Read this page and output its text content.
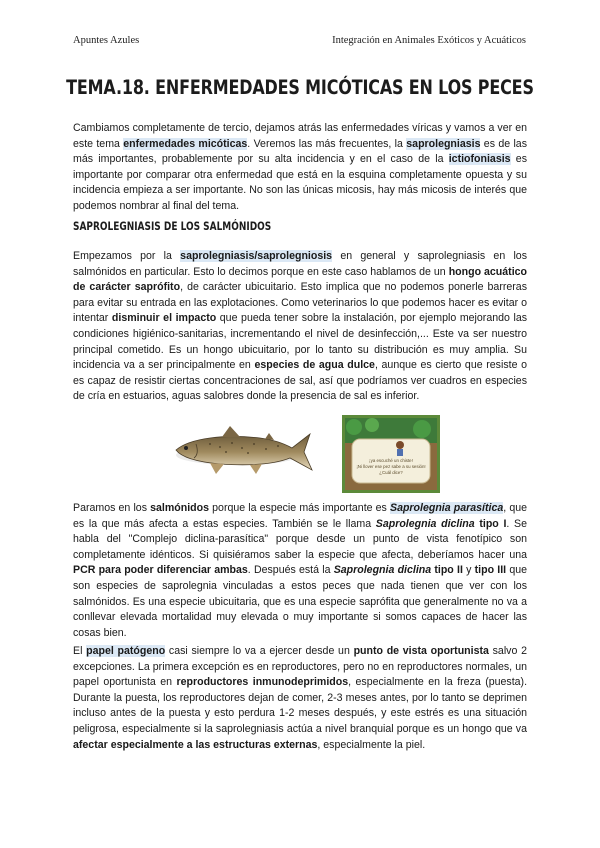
Apuntes Azules	Integración en Animales Exóticos y Acuáticos
TEMA.18. ENFERMEDADES MICÓTICAS EN LOS PECES

Cambiamos completamente de tercio, dejamos atrás las enfermedades víricas y vamos a ver en este tema enfermedades micóticas. Veremos las más frecuentes, la saprolegniasis es de las más importantes, probablemente por su alta incidencia y en el caso de la ictiofoniasis es importante por comparar otra enfermedad que está en la esquina completamente opuesta y su incidencia empieza a ser importante. No son las únicas micosis, hay más micosis de interés que podemos nombrar al final del tema.

SAPROLEGNIASIS DE LOS SALMÓNIDOS

Empezamos por la saprolegniasis/saprolegniosis en general y saprolegniasis en los salmónidos en particular. Esto lo decimos porque en este caso hablamos de un hongo acuático de carácter saprófito, de carácter ubicuitario. Esto implica que no podemos ponerle barreras para evitar su entrada en las explotaciones. Como veterinarios lo que podemos hacer es evitar o intentar disminuir el impacto que pueda tener sobre la instalación, por ejemplo mejorando las condiciones higiénico-sanitarias, incrementando el nivel de desinfección,... Este va ser nuestro principal cometido. Es un hongo ubicuitario, por lo tanto su distribución es muy amplia. Su incidencia va a ser principalmente en especies de agua dulce, aunque es cierto que resiste o es capaz de resistir ciertas concentraciones de sal, así que podríamos ver cuadros en especies de cría en estuarios, aguas salobres donde la presencia de sal es inferior.

¡ya escuché un chiste!
¡Ni llover ese pez sabe a su sesión!
¿Cuál dice?

Paramos en los salmónidos porque la especie más importante es Saprolegnia parasítica, que es la que más afecta a estas especies. También se le llama Saprolegnia diclina tipo I. Se habla del "Complejo diclina-parasítica" porque desde un punto de vista fenotípico son completamente idénticos. Si quisiéramos saber la especie que afecta, deberíamos hacer una PCR para poder diferenciar ambas. Después está la Saprolegnia diclina tipo II y tipo III que son especies de saprolegnia vinculadas a estos peces que nada tienen que ver con los salmónidos. Es una especie ubicuitaria, que es una especie saprófita que generalmente no va a conllevar elevada mortalidad muy elevada o muy importante si somos capaces de hacer las cosas bien.

El papel patógeno casi siempre lo va a ejercer desde un punto de vista oportunista salvo 2 excepciones. La primera excepción es en reproductores, pero no en reproductores normales, un papel oportunista en reproductores inmunodeprimidos, especialmente en la freza (puesta). Durante la puesta, los reproductores dejan de comer, 2-3 meses antes, por lo tanto se deprimen incluso antes de la puesta y esto perdura 1-2 meses después, y este estrés es una situación peligrosa, especialmente si la saprolegniasis actúa a nivel branquial porque es un hongo que va afectar especialmente a las estructuras externas, especialmente la piel.
